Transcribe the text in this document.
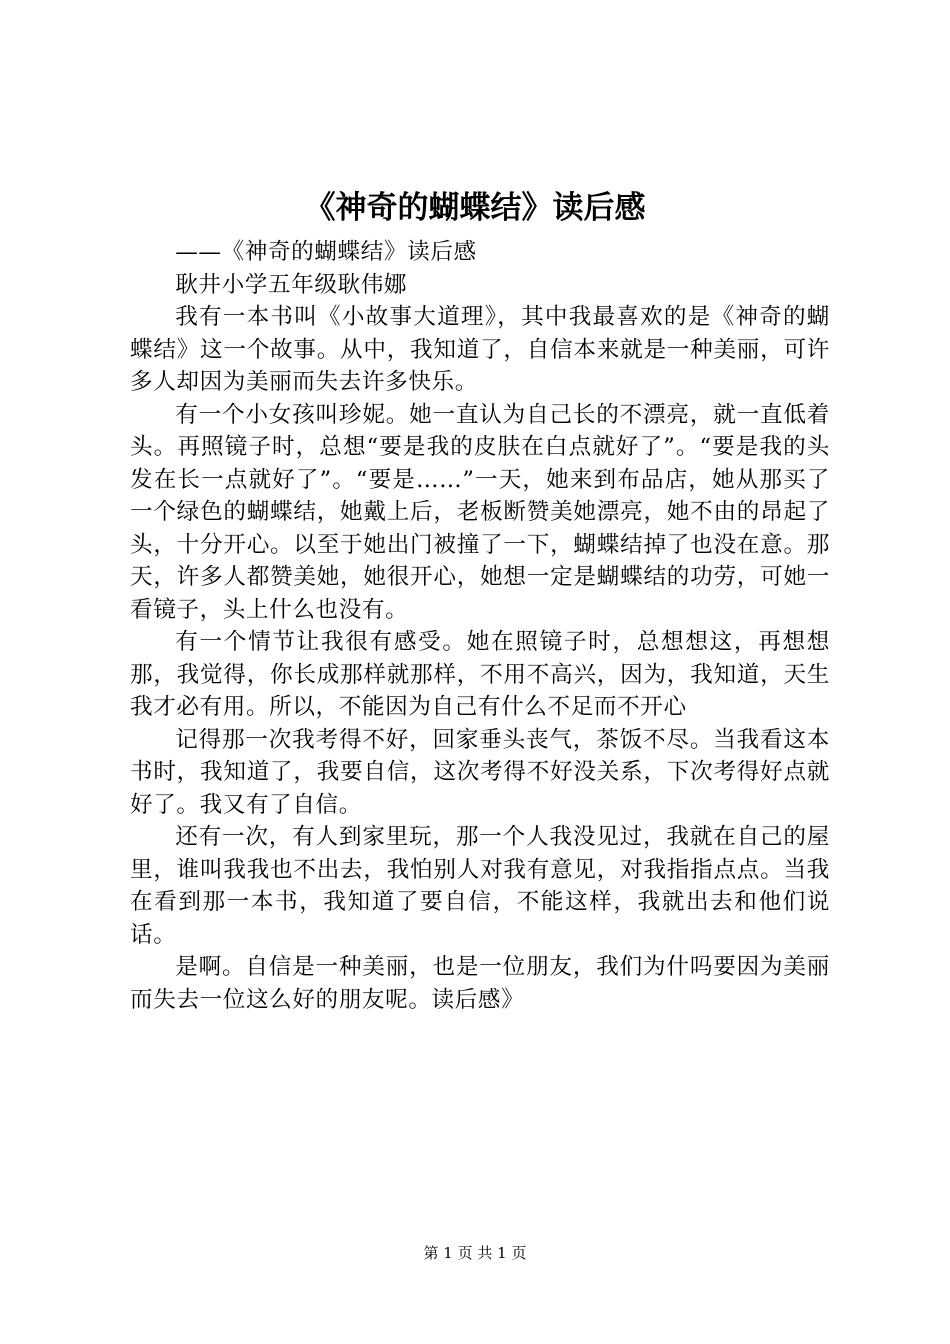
《神奇的蝴蝶结》读后感

——《神奇的蝴蝶结》读后感

耿井小学五年级耿伟娜

我有一本书叫《小故事大道理》，其中我最喜欢的是《神奇的蝴蝶结》这一个故事。从中，我知道了，自信本来就是一种美丽，可许多人却因为美丽而失去许多快乐。

有一个小女孩叫珍妮。她一直认为自己长的不漂亮，就一直低着头。再照镜子时，总想“要是我的皮肤在白点就好了”。“要是我的头发在长一点就好了”。“要是……”一天，她来到布品店，她从那买了一个绿色的蝴蝶结，她戴上后，老板断赞美她漂亮，她不由的昂起了头，十分开心。以至于她出门被撞了一下，蝴蝶结掉了也没在意。那天，许多人都赞美她，她很开心，她想一定是蝴蝶结的功劳，可她一看镜子，头上什么也没有。

有一个情节让我很有感受。她在照镜子时，总想想这，再想想那，我觉得，你长成那样就那样，不用不高兴，因为，我知道，天生我才必有用。所以，不能因为自己有什么不足而不开心

记得那一次我考得不好，回家垂头丧气，茶饭不尽。当我看这本书时，我知道了，我要自信，这次考得不好没关系，下次考得好点就好了。我又有了自信。

还有一次，有人到家里玩，那一个人我没见过，我就在自己的屋里，谁叫我我也不出去，我怕别人对我有意见，对我指指点点。当我在看到那一本书，我知道了要自信，不能这样，我就出去和他们说话。

是啊。自信是一种美丽，也是一位朋友，我们为什吗要因为美丽而失去一位这么好的朋友呢。读后感》

第 1 页 共 1 页
